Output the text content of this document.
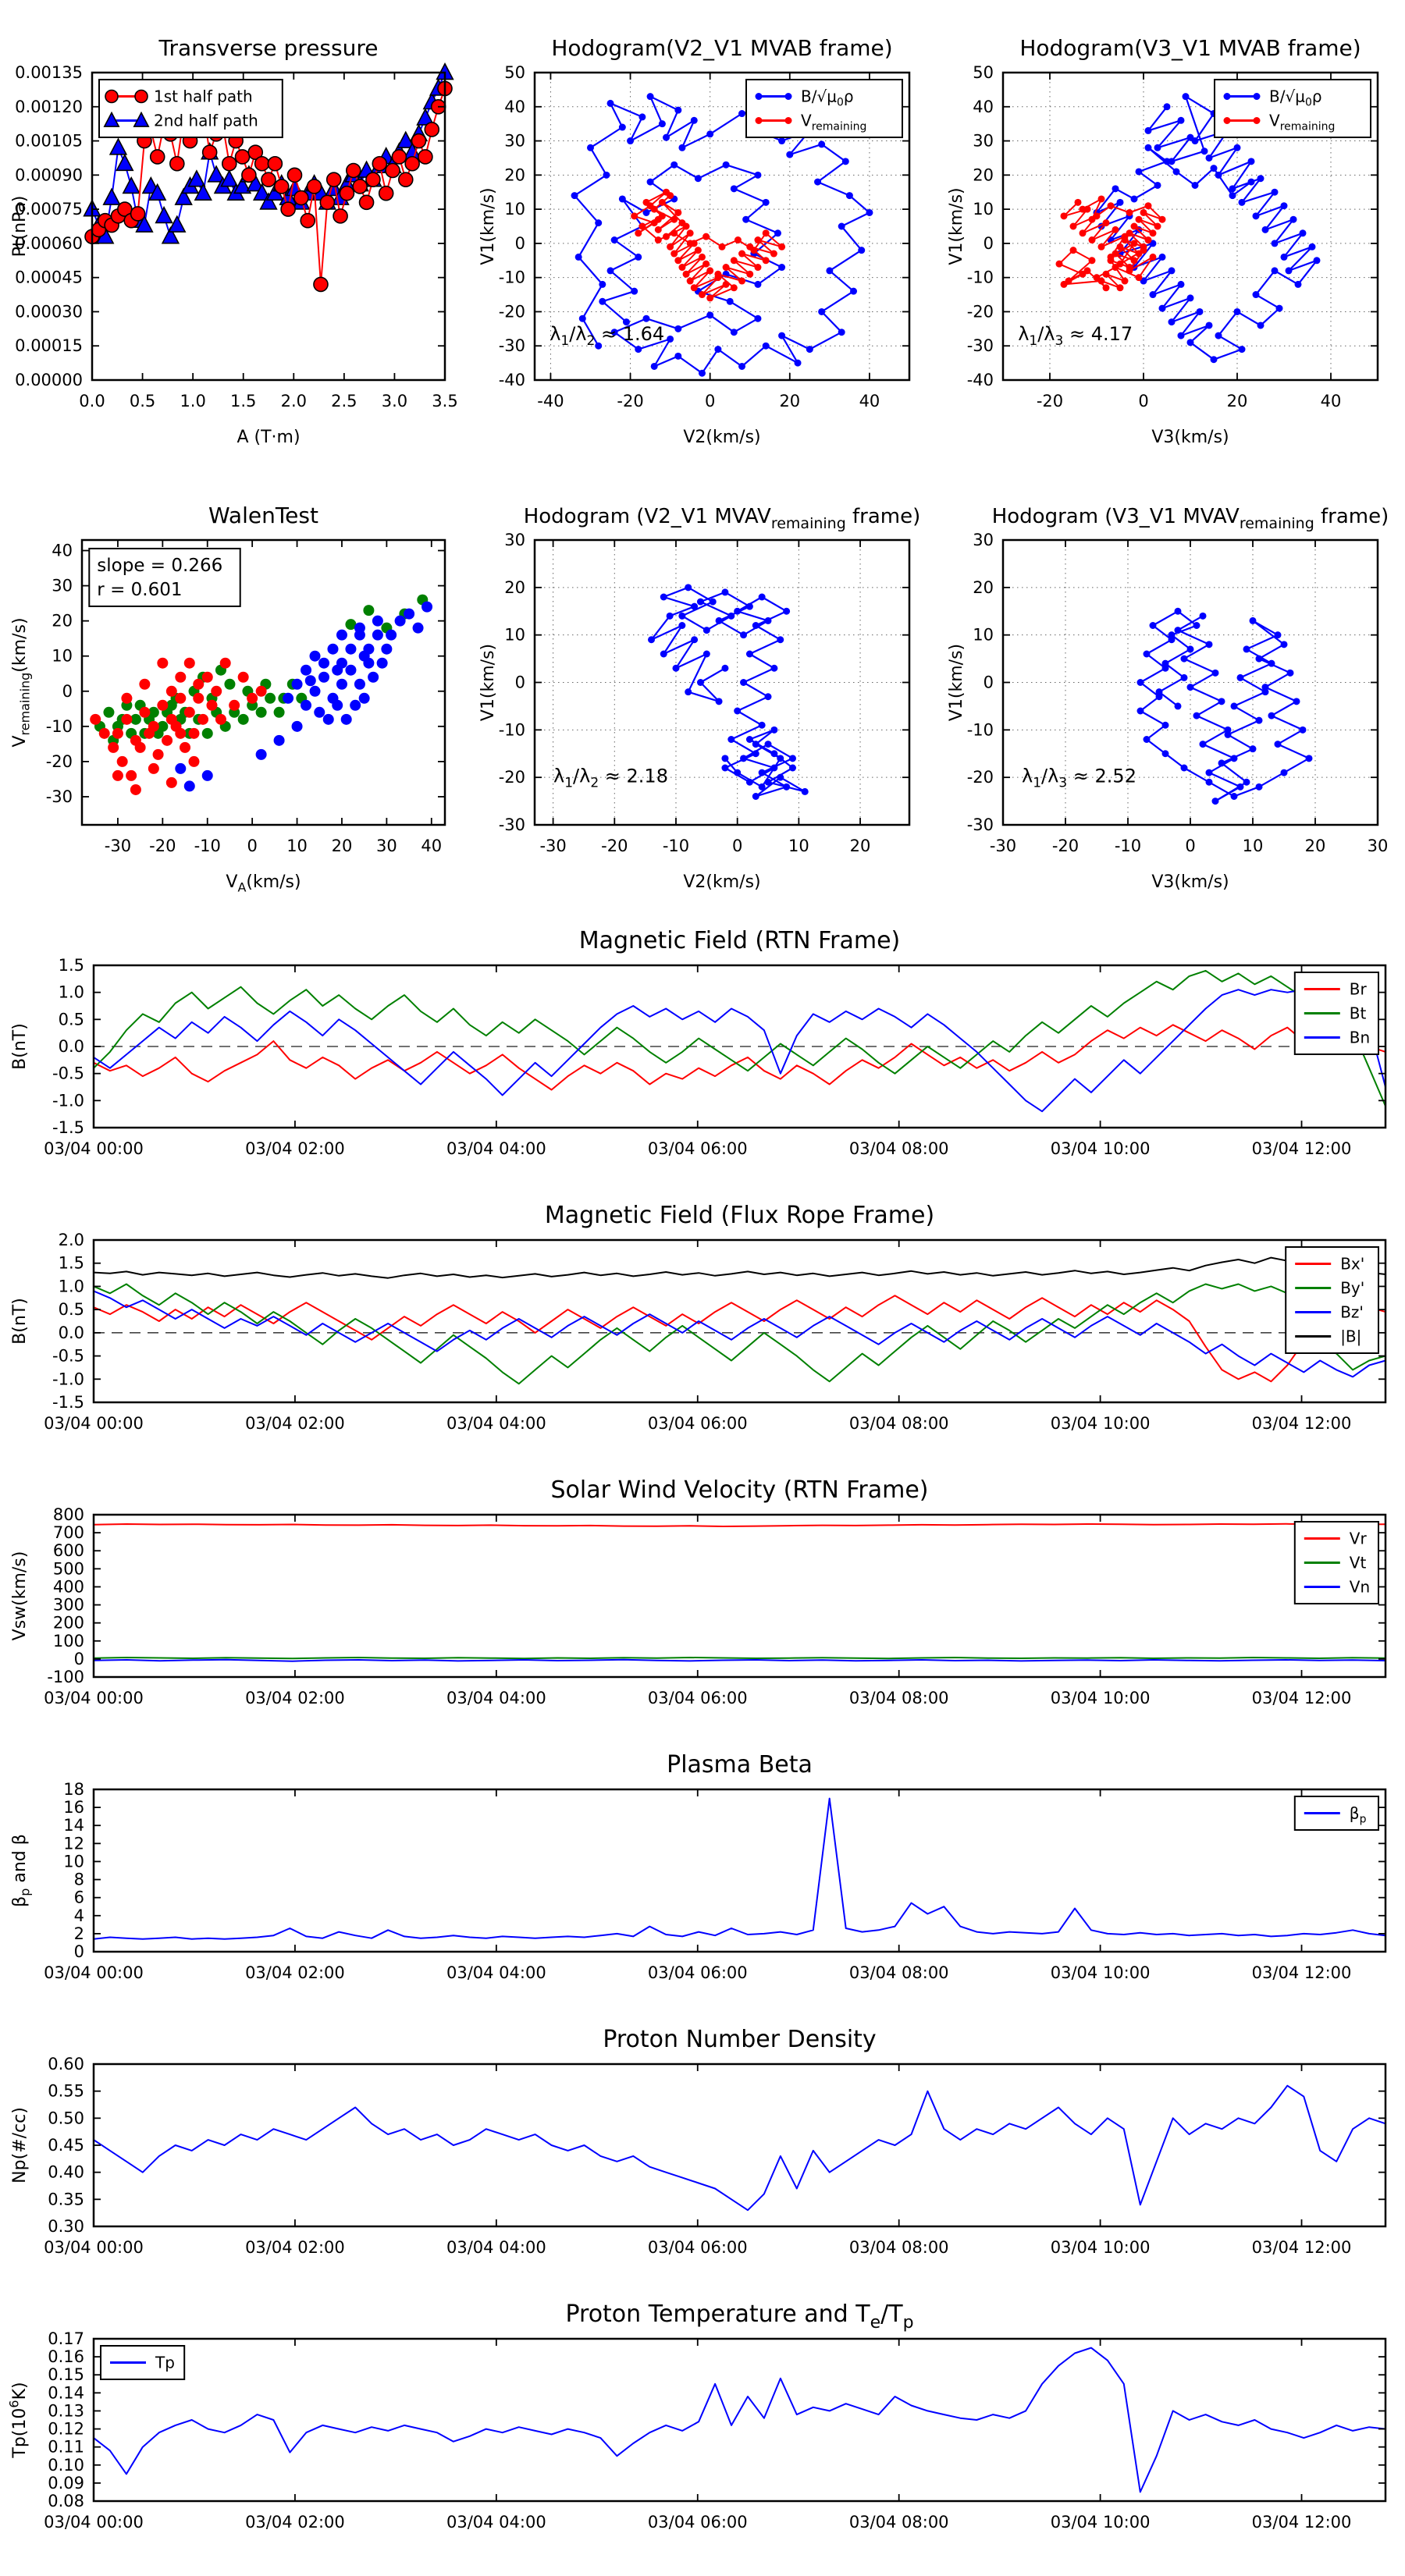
0.0 0.5 1.0 1.5 2.0 2.5 3.0 3.5
0.00000
0.00015
0.00030
0.00045
0.00060
0.00075
0.00090
0.00105
0.00120
0.00135
Transverse pressure
A (T·m)
Pt(nPa)
1st half path
2nd half path
-40	-20	0	20	40
-40
-30
-20
-10
0
10
20
30
40
50
Hodogram(V2_V1 MVAB frame)
V2(km/s)
V1(km/s)
$B/√\mu_0\rho$
$V_{remaining}$
$\lambda_1/\lambda_2 \approx 1.64$
-20	0	20	40
-40
-30
-20
-10
0
10
20
30
40
50
Hodogram(V3_V1 MVAB frame)
V3(km/s)
V1(km/s)
$B/√\mu_0\rho$
$V_{remaining}$
$\lambda_1/\lambda_3 \approx 4.17$
-30 -20 -10 0 10 20 30 40
-30
-20
-10
0
10
20
30
40
WalenTest
$V_A(km/s)$
$V_{remaining}(km/s)$
slope = 0.266
r = 0.601
-30 -20 -10	0	10 20
-30
-20
-10
0
10
20
30
Hodogram (V2_V1 $MVAV_{remaining}$ frame)
V2(km/s)
V1(km/s)
$\lambda_1/\lambda_2 \approx 2.18$
-30 -20 -10	0	10	20	30
-30
-20
-10
0
10
20
30
Hodogram (V3_V1 $MVAV_{remaining}$ frame)
V3(km/s)
V1(km/s)
$\lambda_1/\lambda_3 \approx 2.52$
03/04 00:00	03/04 02:00	03/04 04:00	03/04 06:00	03/04 08:00	03/04 10:00	03/04 12:00
-1.5
-1.0
-0.5
0.0
0.5
1.0
1.5
Magnetic Field (RTN Frame)
B(nT)
Br
Bt
Bn
03/04 00:00	03/04 02:00	03/04 04:00	03/04 06:00	03/04 08:00	03/04 10:00	03/04 12:00
-1.5
-1.0
-0.5
0.0
0.5
1.0
1.5
2.0
Magnetic Field (Flux Rope Frame)
B(nT)
Bx'
By'
Bz'
|B|
03/04 00:00	03/04 02:00	03/04 04:00	03/04 06:00	03/04 08:00	03/04 10:00	03/04 12:00
-100
0
100
200
300
400
500
600
700
800
Solar Wind Velocity (RTN Frame)
Vsw(km/s)
Vr
Vt
Vn
03/04 00:00	03/04 02:00	03/04 04:00	03/04 06:00	03/04 08:00	03/04 10:00	03/04 12:00
0
2
4
6
8
10
12
14
16
18
Plasma Beta
$\beta_p$ and β
$\beta_p$
03/04 00:00	03/04 02:00	03/04 04:00	03/04 06:00	03/04 08:00	03/04 10:00	03/04 12:00
0.30
0.35
0.40
0.45
0.50
0.55
0.60
Proton Number Density
Np(#/cc)
03/04 00:00	03/04 02:00	03/04 04:00	03/04 06:00	03/04 08:00	03/04 10:00	03/04 12:00
0.08
0.09
0.10
0.11
0.12
0.13
0.14
0.15
0.16
0.17
Proton Temperature and $T_e/T_p$
$Tp(10^6K)$
Tp
